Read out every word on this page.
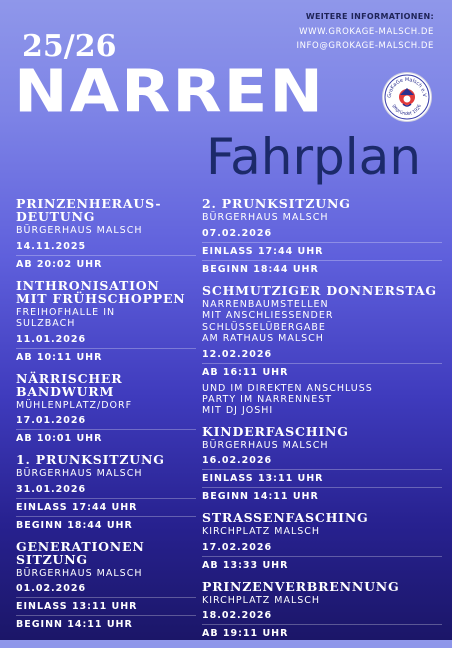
WEITERE INFORMATIONEN:
WWW.GROKAGE-MALSCH.DE
INFO@GROKAGE-MALSCH.DE
25/26
NARREN
Fahrplan
GroKaGe Malsch e.V
gegründet 1926
PRINZENHERAUS-
DEUTUNG
BÜRGERHAUS MALSCH
14.11.2025
AB 20:02 UHR
INTHRONISATION MIT FRÜHSCHOPPEN
FREIHOFHALLE IN
SULZBACH
11.01.2026
AB 10:11 UHR
NÄRRISCHER BANDWURM
MÜHLENPLATZ/DORF
17.01.2026
AB 10:01 UHR
1. PRUNKSITZUNG
BÜRGERHAUS MALSCH
31.01.2026
EINLASS 17:44 UHR
BEGINN 18:44 UHR
GENERATIONEN
SITZUNG
BÜRGERHAUS MALSCH
01.02.2026
EINLASS 13:11 UHR
BEGINN 14:11 UHR
2. PRUNKSITZUNG
BÜRGERHAUS MALSCH
07.02.2026
EINLASS 17:44 UHR
BEGINN 18:44 UHR
SCHMUTZIGER DONNERSTAG
NARRENBAUMSTELLEN
MIT ANSCHLIESSENDER
SCHLÜSSELÜBERGABE
AM RATHAUS MALSCH
12.02.2026
AB 16:11 UHR
UND IM DIREKTEN ANSCHLUSS
PARTY IM NARRENNEST
MIT DJ JOSHI
KINDERFASCHING
BÜRGERHAUS MALSCH
16.02.2026
EINLASS 13:11 UHR
BEGINN 14:11 UHR
STRASSENFASCHING
KIRCHPLATZ MALSCH
17.02.2026
AB 13:33 UHR
PRINZENVERBRENNUNG
KIRCHPLATZ MALSCH
18.02.2026
AB 19:11 UHR
